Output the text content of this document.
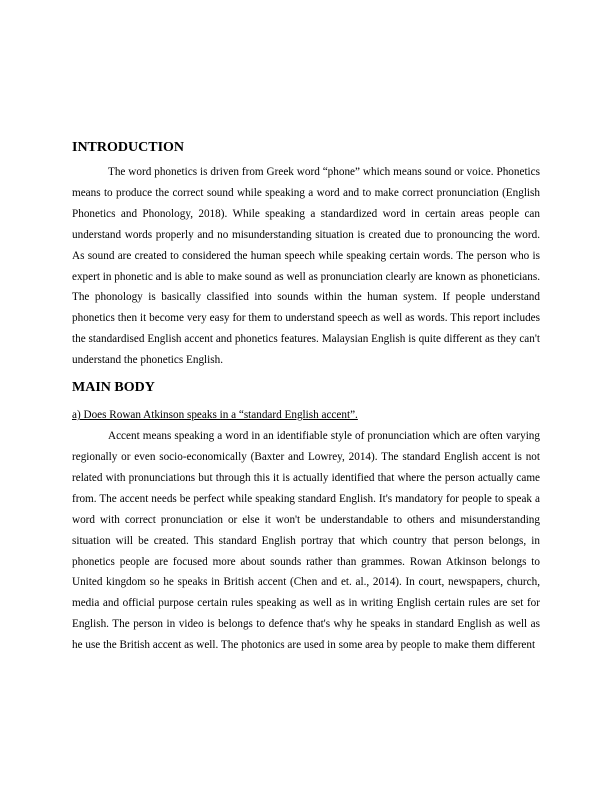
INTRODUCTION

The word phonetics is driven from Greek word “phone” which means sound or voice. Phonetics means to produce the correct sound while speaking a word and to make correct pronunciation (English Phonetics and Phonology, 2018). While speaking a standardized word in certain areas people can understand words properly and no misunderstanding situation is created due to pronouncing the word. As sound are created to considered the human speech while speaking certain words. The person who is expert in phonetic and is able to make sound as well as pronunciation clearly are known as phoneticians. The phonology is basically classified into sounds within the human system. If people understand phonetics then it become very easy for them to understand speech as well as words. This report includes the standardised English accent and phonetics features. Malaysian English is quite different as they can't understand the phonetics English.

MAIN BODY
a) Does Rowan Atkinson speaks in a “standard English accent”.

Accent means speaking a word in an identifiable style of pronunciation which are often varying regionally or even socio-economically (Baxter and Lowrey, 2014). The standard English accent is not related with pronunciations but through this it is actually identified that where the person actually came from. The accent needs be perfect while speaking standard English. It's mandatory for people to speak a word with correct pronunciation or else it won't be understandable to others and misunderstanding situation will be created. This standard English portray that which country that person belongs, in phonetics people are focused more about sounds rather than grammes. Rowan Atkinson belongs to United kingdom so he speaks in British accent (Chen and et. al., 2014). In court, newspapers, church, media and official purpose certain rules speaking as well as in writing English certain rules are set for English. The person in video is belongs to defence that's why he speaks in standard English as well as he use the British accent as well. The photonics are used in some area by people to make them different
